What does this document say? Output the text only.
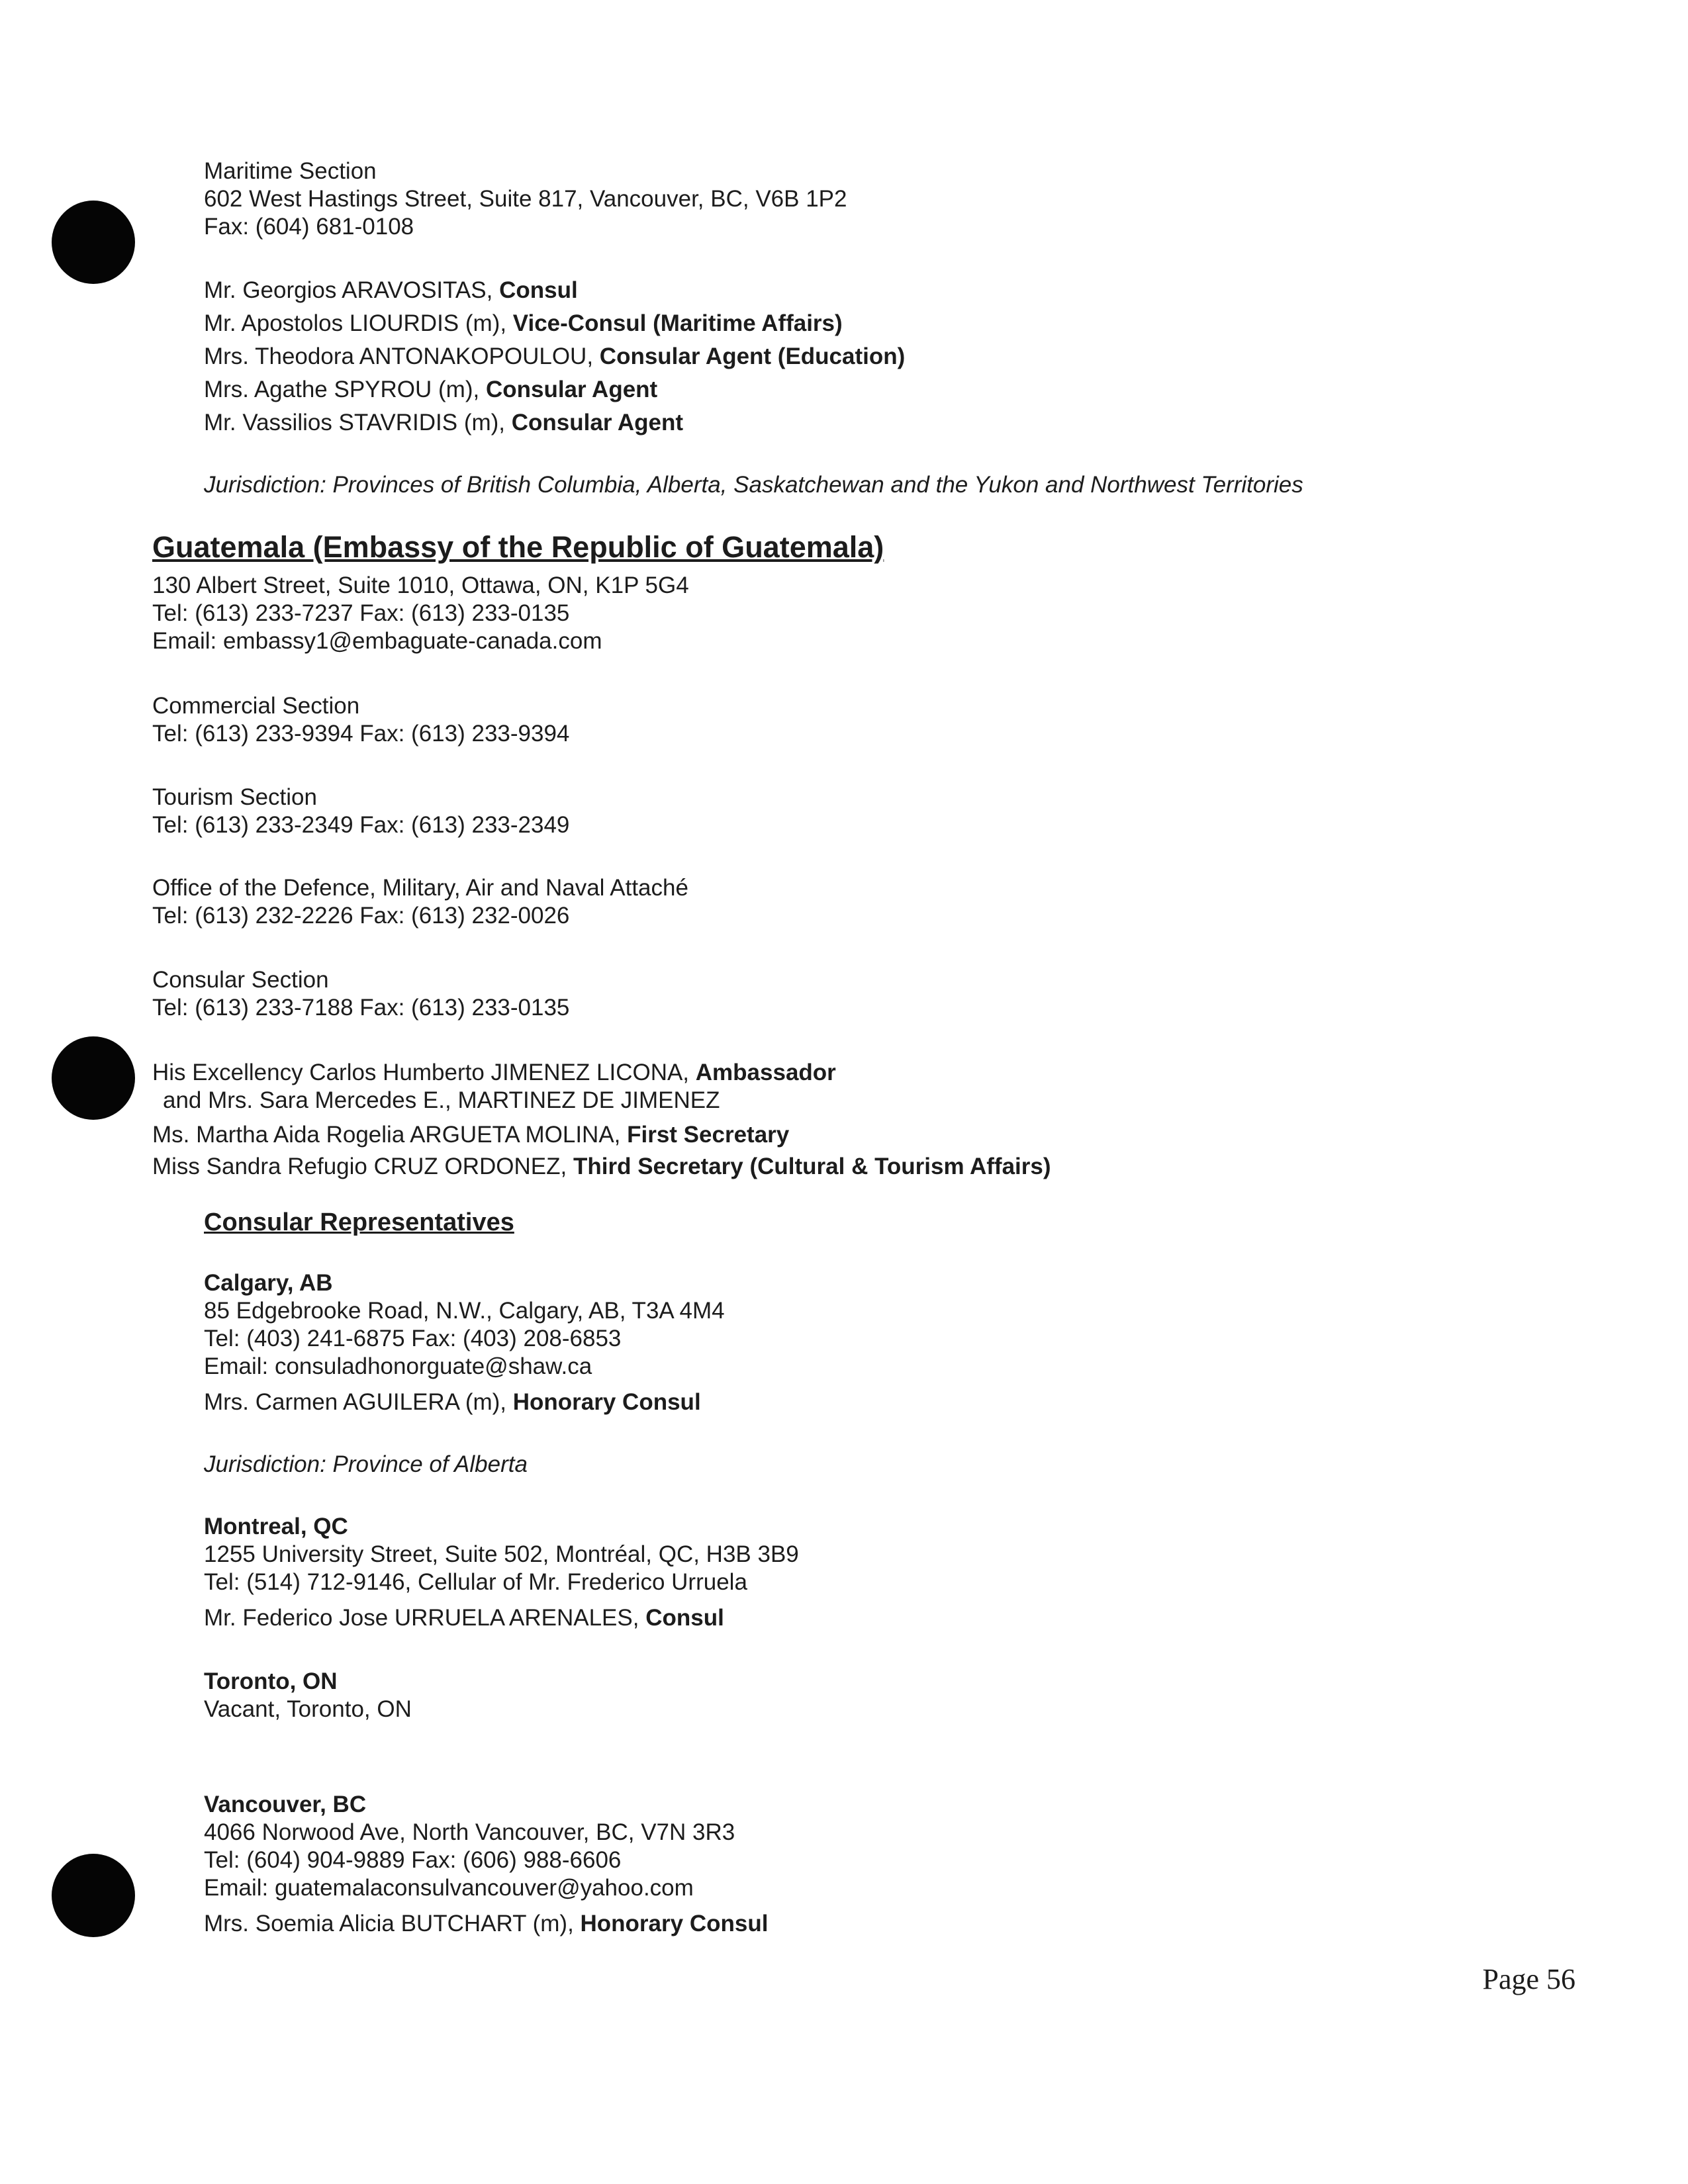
Maritime Section
602 West Hastings Street, Suite 817, Vancouver, BC, V6B 1P2
Fax: (604) 681-0108
Mr. Georgios ARAVOSITAS, Consul
Mr. Apostolos LIOURDIS (m), Vice-Consul (Maritime Affairs)
Mrs. Theodora ANTONAKOPOULOU, Consular Agent (Education)
Mrs. Agathe SPYROU (m), Consular Agent
Mr. Vassilios STAVRIDIS (m), Consular Agent
Jurisdiction: Provinces of British Columbia, Alberta, Saskatchewan and the Yukon and Northwest Territories
Guatemala (Embassy of the Republic of Guatemala)
130 Albert Street, Suite 1010, Ottawa, ON, K1P 5G4
Tel: (613) 233-7237 Fax: (613) 233-0135
Email: embassy1@embaguate-canada.com
Commercial Section
Tel: (613) 233-9394 Fax: (613) 233-9394
Tourism Section
Tel: (613) 233-2349 Fax: (613) 233-2349
Office of the Defence, Military, Air and Naval Attaché
Tel: (613) 232-2226 Fax: (613) 232-0026
Consular Section
Tel: (613) 233-7188 Fax: (613) 233-0135
His Excellency Carlos Humberto JIMENEZ LICONA, Ambassador
and Mrs. Sara Mercedes E., MARTINEZ DE JIMENEZ
Ms. Martha Aida Rogelia ARGUETA MOLINA, First Secretary
Miss Sandra Refugio CRUZ ORDONEZ, Third Secretary (Cultural & Tourism Affairs)
Consular Representatives
Calgary, AB
85 Edgebrooke Road, N.W., Calgary, AB, T3A 4M4
Tel: (403) 241-6875 Fax: (403) 208-6853
Email: consuladhonorguate@shaw.ca
Mrs. Carmen AGUILERA (m), Honorary Consul
Jurisdiction: Province of Alberta
Montreal, QC
1255 University Street, Suite 502, Montréal, QC, H3B 3B9
Tel: (514) 712-9146, Cellular of Mr. Frederico Urruela
Mr. Federico Jose URRUELA ARENALES, Consul
Toronto, ON
Vacant, Toronto, ON
Vancouver, BC
4066 Norwood Ave, North Vancouver, BC, V7N 3R3
Tel: (604) 904-9889 Fax: (606) 988-6606
Email: guatemalaconsulvancouver@yahoo.com
Mrs. Soemia Alicia BUTCHART (m), Honorary Consul
Page 56
